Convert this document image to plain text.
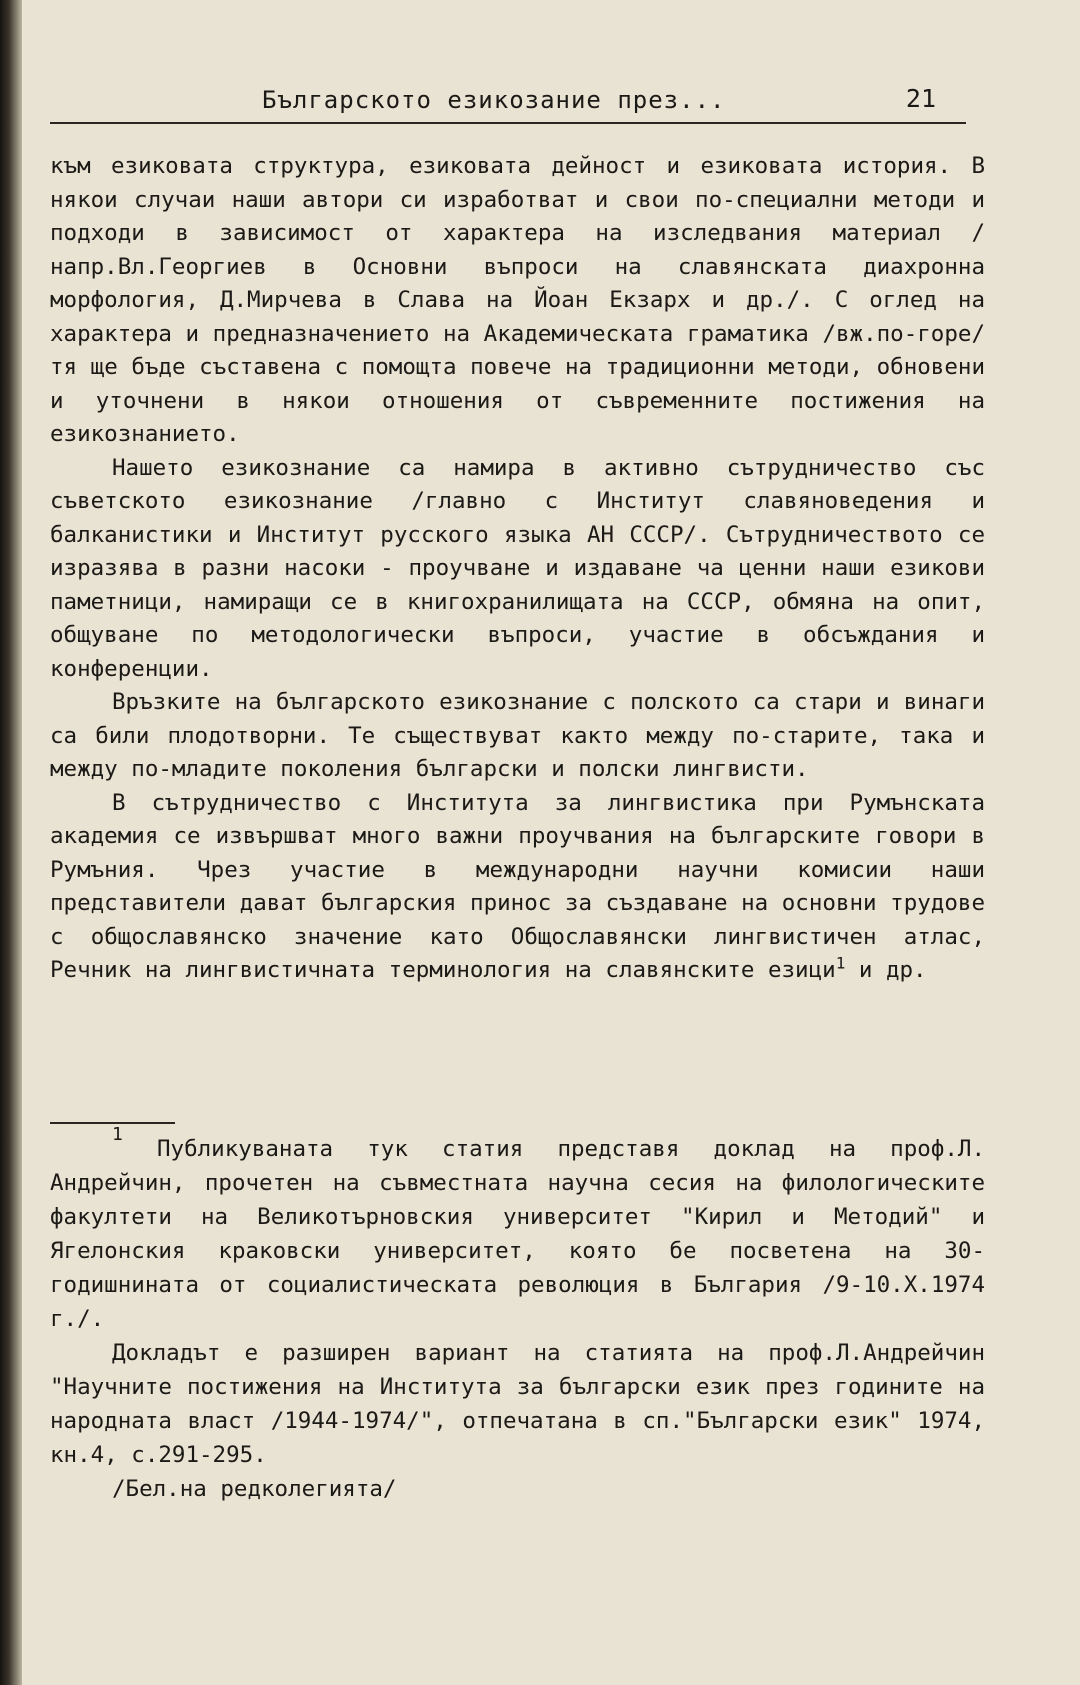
Българското езикозание през...	21

към езиковата структура, езиковата дейност и езиковата история. В някои случаи наши автори си изработват и свои по-специални методи и подходи в зависимост от характера на изследвания материал /напр.Вл.Георгиев в Основни въпроси на славянската диахронна морфология, Д.Мирчева в Слава на Йоан Екзарх и др./. С оглед на характера и предназначението на Академическата граматика /вж.по-горе/ тя ще бъде съставена с помощта повече на традиционни методи, обновени и уточнени в някои отношения от съвременните постижения на езикознанието.

Нашето езикознание са намира в активно сътрудничество със съветското езикознание /главно с Институт славяноведения и балканистики и Институт русского языка АН СССР/. Сътрудничеството се изразява в разни насоки - проучване и издаване ча ценни наши езикови паметници, намиращи се в книгохранилищата на СССР, обмяна на опит, общуване по методологически въпроси, участие в обсъждания и конференции.

Връзките на българското езикознание с полското са стари и винаги са били плодотворни. Те съществуват както между по-старите, така и между по-младите поколения български и полски лингвисти.

В сътрудничество с Института за лингвистика при Румънската академия се извършват много важни проучвания на българските говори в Румъния. Чрез участие в международни научни комисии наши представители дават българския принос за създаване на основни трудове с общославянско значение като Общославянски лингвистичен атлас, Речник на лингвистичната терминология на славянските езици$^1$ и др.

$^1$ Публикуваната тук статия представя доклад на проф.Л. Андрейчин, прочетен на съвместната научна сесия на филологическите факултети на Великотърновския университет "Кирил и Методий" и Ягелонския краковски университет, която бе посветена на 30-годишнината от социалистическата революция в България /9-10.Х.1974 г./.

Докладът е разширен вариант на статията на проф.Л.Андрейчин "Научните постижения на Института за български език през годините на народната власт /1944-1974/", отпечатана в сп."Български език" 1974, кн.4, с.291-295.

/Бел.на редколегията/
